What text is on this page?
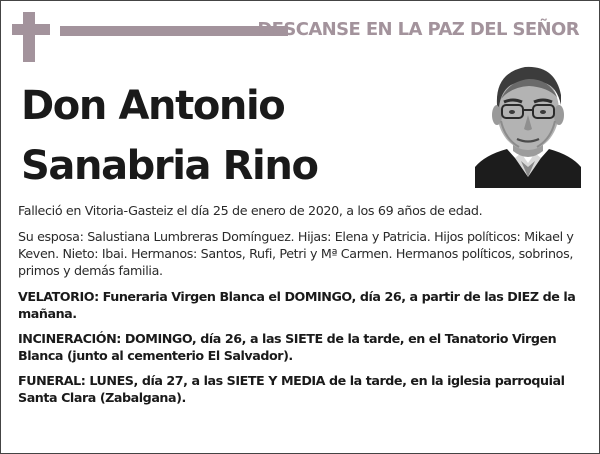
DESCANSE EN LA PAZ DEL SEÑOR
Don Antonio
Sanabria Rino

Falleció en Vitoria-Gasteiz el día 25 de enero de 2020, a los 69 años de edad.

Su esposa: Salustiana Lumbreras Domínguez. Hijas: Elena y Patricia. Hijos políticos: Mikael y Keven. Nieto: Ibai. Hermanos: Santos, Rufi, Petri y Mª Carmen. Hermanos políticos, sobrinos, primos y demás familia.

VELATORIO: Funeraria Virgen Blanca el DOMINGO, día 26, a partir de las DIEZ de la mañana.

INCINERACIÓN: DOMINGO, día 26, a las SIETE de la tarde, en el Tanatorio Virgen Blanca (junto al cementerio El Salvador).

FUNERAL: LUNES, día 27, a las SIETE Y MEDIA de la tarde, en la iglesia parroquial Santa Clara (Zabalgana).
